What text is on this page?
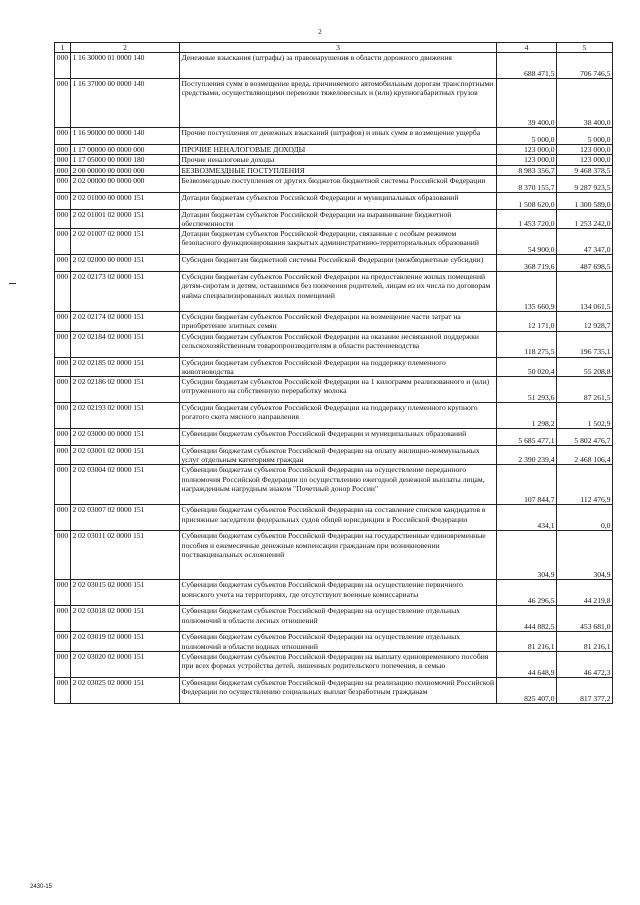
2
1	2	3	4	5
000	1 16 30000 01 0000 140	Денежные взыскания (штрафы) за правонарушения в области дорожного движения	688 471,5	706 746,5
000	1 16 37000 00 0000 140	Поступления сумм в возмещение вреда, причиняемого автомобильным дорогам транспортными средствами, осуществляющими перевозки тяжеловесных и (или) крупногабаритных грузов	39 400,0	38 400,0
000	1 16 90000 00 0000 140	Прочие поступления от денежных взысканий (штрафов) и иных сумм в возмещение ущерба	5 000,0	5 000,0
000	1 17 00000 00 0000 000	ПРОЧИЕ НЕНАЛОГОВЫЕ ДОХОДЫ	123 000,0	123 000,0
000	1 17 05000 00 0000 180	Прочие неналоговые доходы	123 000,0	123 000,0
000	2 00 00000 00 0000 000	БЕЗВОЗМЕЗДНЫЕ ПОСТУПЛЕНИЯ	8 983 356,7	9 468 378,5
000	2 02 00000 00 0000 000	Безвозмездные поступления от других бюджетов бюджетной системы Российской Федерации	8 370 155,7	9 287 923,5
000	2 02 01000 00 0000 151	Дотации бюджетам субъектов Российской Федерации и муниципальных образований	1 508 620,0	1 300 589,0
000	2 02 01001 02 0000 151	Дотации бюджетам субъектов Российской Федерации на выравнивание бюджетной обеспеченности	1 453 720,0	1 253 242,0
000	2 02 01007 02 0000 151	Дотации бюджетам субъектов Российской Федерации, связанные с особым режимом безопасного функционирования закрытых административно-территориальных образований	54 900,0	47 347,0
000	2 02 02000 00 0000 151	Субсидии бюджетам бюджетной системы Российской Федерации (межбюджетные субсидии)	368 719,6	487 698,5
000	2 02 02173 02 0000 151	Субсидии бюджетам субъектов Российской Федерации на предоставление жилых помещений детям-сиротам и детям, оставшимся без попечения родителей, лицам из их числа по договорам найма специализированных жилых помещений	135 660,9	134 061,5
000	2 02 02174 02 0000 151	Субсидии бюджетам субъектов Российской Федерации на возмещение части затрат на приобретение элитных семян	12 171,0	12 928,7
000	2 02 02184 02 0000 151	Субсидии бюджетам субъектов Российской Федерации на оказание несвязанной поддержки сельскохозяйственным товаропроизводителям в области растениеводства	118 275,5	196 735,1
000	2 02 02185 02 0000 151	Субсидии бюджетам субъектов Российской Федерации на поддержку племенного животноводства	50 020,4	55 208,8
000	2 02 02186 02 0000 151	Субсидии бюджетам субъектов Российской Федерации на 1 килограмм реализованного и (или) отгруженного на собственную переработку молока	51 293,6	87 261,5
000	2 02 02193 02 0000 151	Субсидии бюджетам субъектов Российской Федерации на поддержку племенного крупного рогатого скота мясного направления	1 298,2	1 502,9
000	2 02 03000 00 0000 151	Субвенции бюджетам субъектов Российской Федерации и муниципальных образований	5 685 477,1	5 802 476,7
000	2 02 03001 02 0000 151	Субвенции бюджетам субъектов Российской Федерации на оплату жилищно-коммунальных услуг отдельным категориям граждан	2 390 239,4	2 468 106,4
000	2 02 03004 02 0000 151	Субвенции бюджетам субъектов Российской Федерации на осуществление переданного полномочия Российской Федерации по осуществлению ежегодной денежной выплаты лицам, награжденным нагрудным знаком "Почетный донор России"	107 844,7	112 476,9
000	2 02 03007 02 0000 151	Субвенции бюджетам субъектов Российской Федерации на составление списков кандидатов в присяжные заседатели федеральных судов общей юрисдикции в Российской Федерации	434,1	0,0
000	2 02 03011 02 0000 151	Субвенции бюджетам субъектов Российской Федерации на государственные единовременные пособия и ежемесячные денежные компенсации гражданам при возникновении поствакцинальных осложнений	304,9	304,9
000	2 02 03015 02 0000 151	Субвенции бюджетам субъектов Российской Федерации на осуществление первичного воинского учета на территориях, где отсутствуют военные комиссариаты	46 296,5	44 219,8
000	2 02 03018 02 0000 151	Субвенции бюджетам субъектов Российской Федерации на осуществление отдельных полномочий в области лесных отношений	444 882,5	453 681,0
000	2 02 03019 02 0000 151	Субвенции бюджетам субъектов Российской Федерации на осуществление отдельных полномочий в области водных отношений	81 216,1	81 216,1
000	2 02 03020 02 0000 151	Субвенции бюджетам субъектов Российской Федерации на выплату единовременного пособия при всех формах устройства детей, лишенных родительского попечения, в семью	44 648,9	46 472,3
000	2 02 03025 02 0000 151	Субвенции бюджетам субъектов Российской Федерации на реализацию полномочий Российской Федерации по осуществлению социальных выплат безработным гражданам	825 407,0	817 377,2
2430-15
